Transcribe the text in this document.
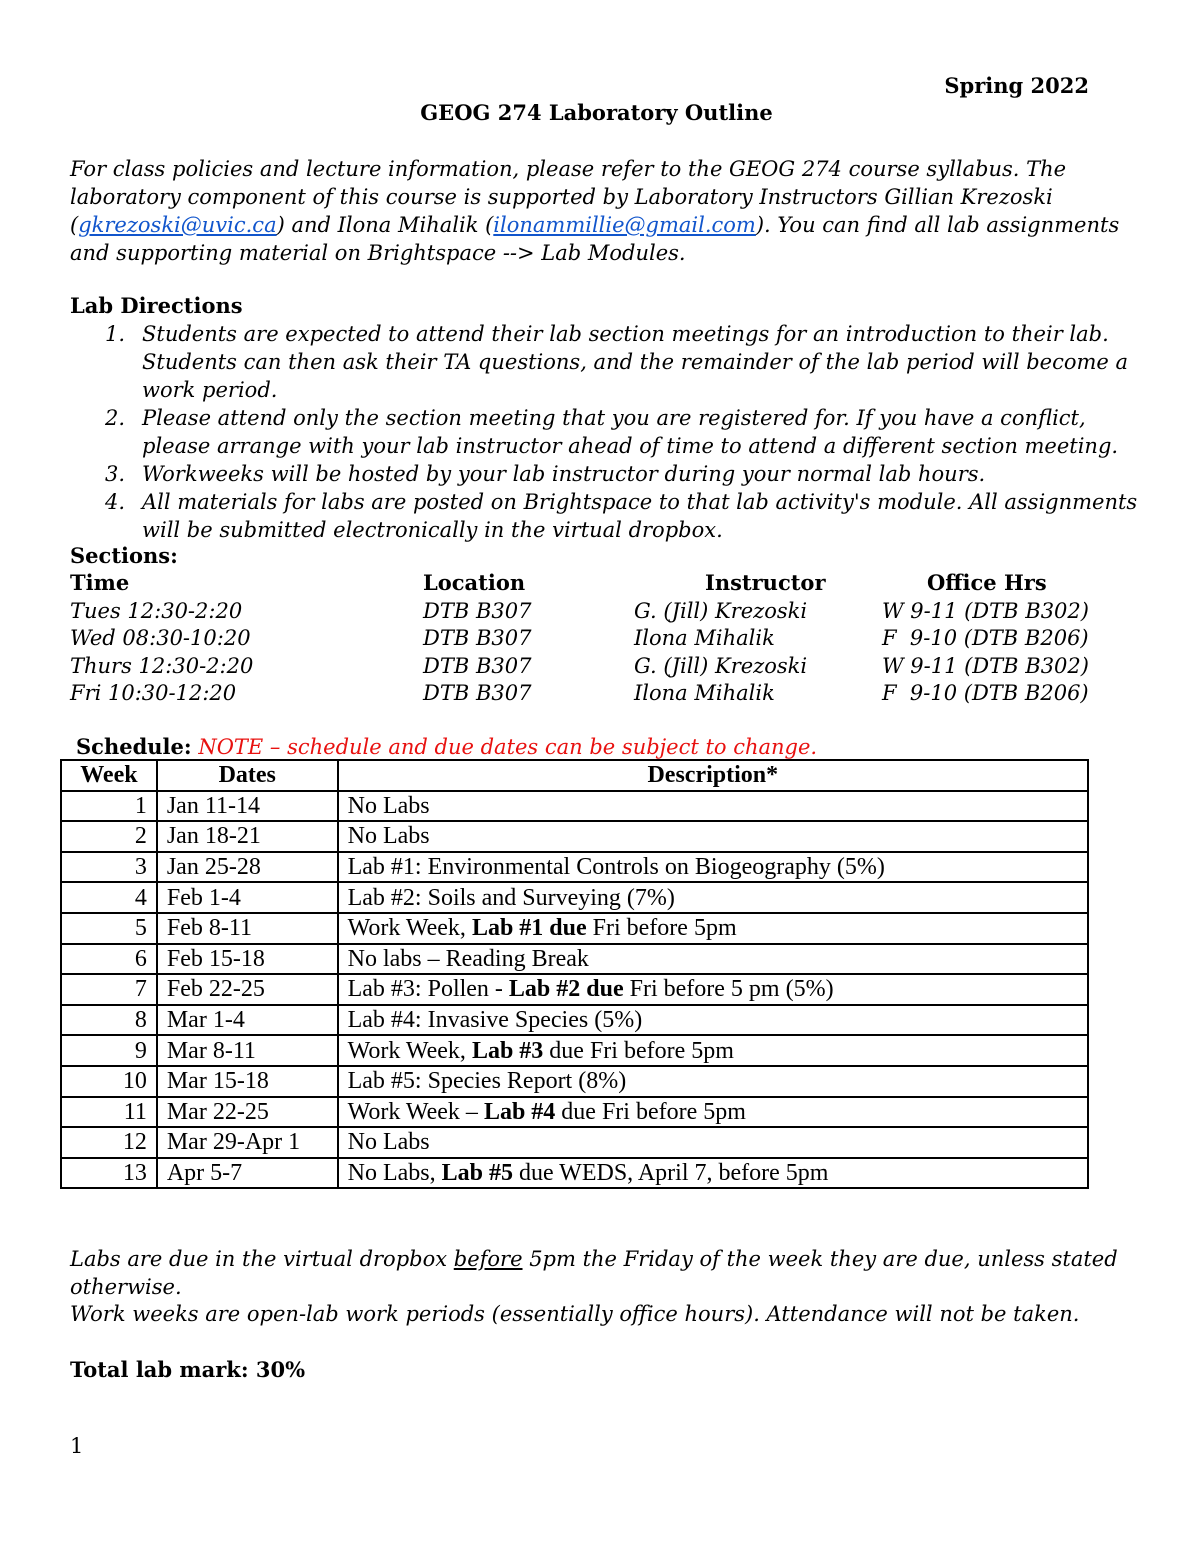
Spring 2022
GEOG 274 Laboratory Outline
For class policies and lecture information, please refer to the GEOG 274 course syllabus. The laboratory component of this course is supported by Laboratory Instructors Gillian Krezoski (gkrezoski@uvic.ca) and Ilona Mihalik (ilonammillie@gmail.com). You can find all lab assignments and supporting material on Brightspace --> Lab Modules.
Lab Directions
1. Students are expected to attend their lab section meetings for an introduction to their lab. Students can then ask their TA questions, and the remainder of the lab period will become a work period.
2. Please attend only the section meeting that you are registered for. If you have a conflict, please arrange with your lab instructor ahead of time to attend a different section meeting.
3. Workweeks will be hosted by your lab instructor during your normal lab hours.
4. All materials for labs are posted on Brightspace to that lab activity's module. All assignments will be submitted electronically in the virtual dropbox.
Sections:
Time	Location	Instructor	Office Hrs
Tues 12:30-2:20	DTB B307	G. (Jill) Krezoski	W 9-11 (DTB B302)
Wed 08:30-10:20	DTB B307	Ilona Mihalik	F  9-10 (DTB B206)
Thurs 12:30-2:20	DTB B307	G. (Jill) Krezoski	W 9-11 (DTB B302)
Fri 10:30-12:20	DTB B307	Ilona Mihalik	F  9-10 (DTB B206)
Schedule: NOTE – schedule and due dates can be subject to change.
Week	Dates	Description*
1	Jan 11-14	No Labs
2	Jan 18-21	No Labs
3	Jan 25-28	Lab #1: Environmental Controls on Biogeography (5%)
4	Feb 1-4	Lab #2: Soils and Surveying (7%)
5	Feb 8-11	Work Week, Lab #1 due Fri before 5pm
6	Feb 15-18	No labs – Reading Break
7	Feb 22-25	Lab #3: Pollen - Lab #2 due Fri before 5 pm (5%)
8	Mar 1-4	Lab #4: Invasive Species (5%)
9	Mar 8-11	Work Week, Lab #3 due Fri before 5pm
10	Mar 15-18	Lab #5: Species Report (8%)
11	Mar 22-25	Work Week – Lab #4 due Fri before 5pm
12	Mar 29-Apr 1	No Labs
13	Apr 5-7	No Labs, Lab #5 due WEDS, April 7, before 5pm
Labs are due in the virtual dropbox before 5pm the Friday of the week they are due, unless stated otherwise.
Work weeks are open-lab work periods (essentially office hours). Attendance will not be taken.
Total lab mark: 30%
1
